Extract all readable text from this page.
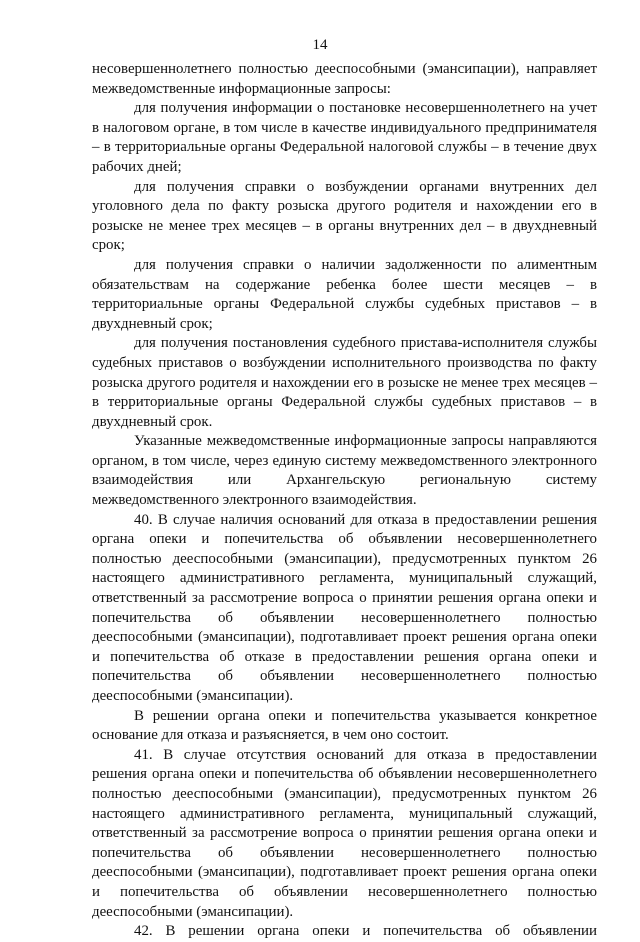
14

несовершеннолетнего полностью дееспособными (эмансипации), направляет межведомственные информационные запросы:

для получения информации о постановке несовершеннолетнего на учет в налоговом органе, в том числе в качестве индивидуального предпринимателя – в территориальные органы Федеральной налоговой службы – в течение двух рабочих дней;

для получения справки о возбуждении органами внутренних дел уголовного дела по факту розыска другого родителя и нахождении его в розыске не менее трех месяцев – в органы внутренних дел – в двухдневный срок;

для получения справки о наличии задолженности по алиментным обязательствам на содержание ребенка более шести месяцев – в территориальные органы Федеральной службы судебных приставов – в двухдневный срок;

для получения постановления судебного пристава-исполнителя службы судебных приставов о возбуждении исполнительного производства по факту розыска другого родителя и нахождении его в розыске не менее трех месяцев – в территориальные органы Федеральной службы судебных приставов – в двухдневный срок.

Указанные межведомственные информационные запросы направляются органом, в том числе, через единую систему межведомственного электронного взаимодействия или Архангельскую региональную систему межведомственного электронного взаимодействия.

40. В случае наличия оснований для отказа в предоставлении решения органа опеки и попечительства об объявлении несовершеннолетнего полностью дееспособными (эмансипации), предусмотренных пунктом 26 настоящего административного регламента, муниципальный служащий, ответственный за рассмотрение вопроса о принятии решения органа опеки и попечительства об объявлении несовершеннолетнего полностью дееспособными (эмансипации), подготавливает проект решения органа опеки и попечительства об отказе в предоставлении решения органа опеки и попечительства об объявлении несовершеннолетнего полностью дееспособными (эмансипации).

В решении органа опеки и попечительства указывается конкретное основание для отказа и разъясняется, в чем оно состоит.

41. В случае отсутствия оснований для отказа в предоставлении решения органа опеки и попечительства об объявлении несовершеннолетнего полностью дееспособными (эмансипации), предусмотренных пунктом 26 настоящего административного регламента, муниципальный служащий, ответственный за рассмотрение вопроса о принятии решения органа опеки и попечительства об объявлении несовершеннолетнего полностью дееспособными (эмансипации), подготавливает проект решения органа опеки и попечительства об объявлении несовершеннолетнего полностью дееспособными (эмансипации).

42. В решении органа опеки и попечительства об объявлении
